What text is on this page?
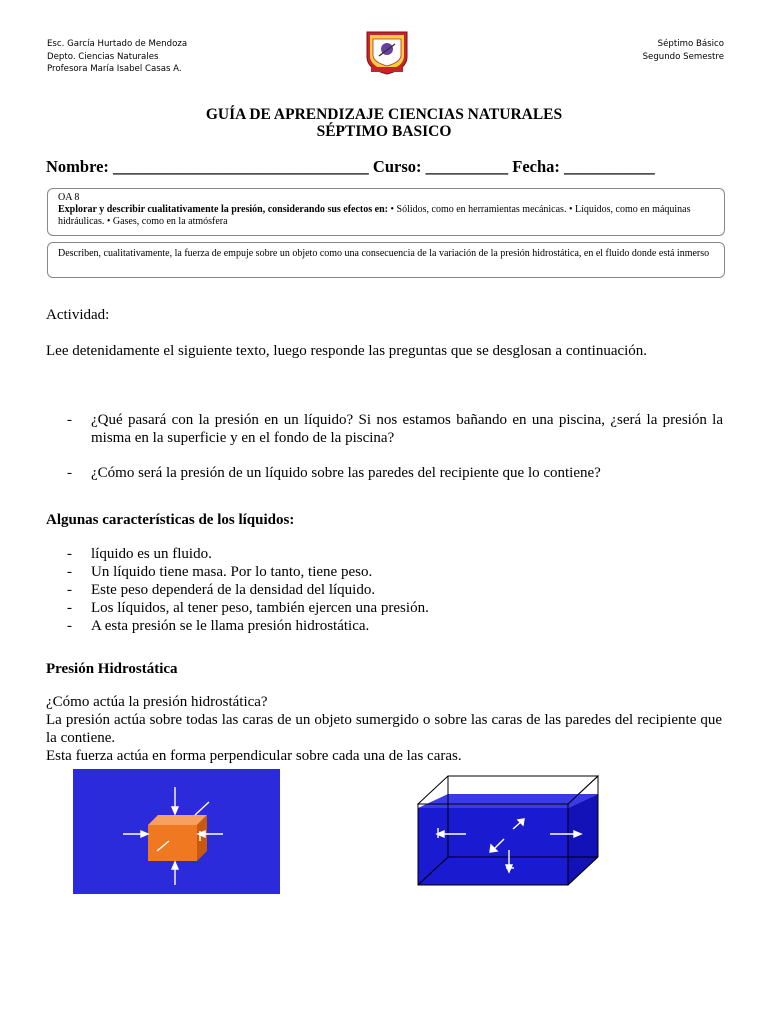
Esc. García Hurtado de Mendoza
Depto. Ciencias Naturales
Profesora María Isabel Casas A.
Séptimo Básico
Segundo Semestre
GUÍA DE APRENDIZAJE CIENCIAS NATURALES
SÉPTIMO BASICO
Nombre: _______________________________ Curso: __________ Fecha: ___________
OA 8
Explorar y describir cualitativamente la presión, considerando sus efectos en: • Sólidos, como en herramientas mecánicas. • Líquidos, como en máquinas hidráulicas. • Gases, como en la atmósfera
Describen, cualitativamente, la fuerza de empuje sobre un objeto como una consecuencia de la variación de la presión hidrostática, en el fluido donde está inmerso
Actividad:
Lee detenidamente el siguiente texto, luego responde las preguntas que se desglosan a continuación.
- ¿Qué pasará con la presión en un líquido? Si nos estamos bañando en una piscina, ¿será la presión la misma en la superficie y en el fondo de la piscina?
- ¿Cómo será la presión de un líquido sobre las paredes del recipiente que lo contiene?
Algunas características de los líquidos:
- líquido es un fluido.
- Un líquido tiene masa. Por lo tanto, tiene peso.
- Este peso dependerá de la densidad del líquido.
- Los líquidos, al tener peso, también ejercen una presión.
- A esta presión se le llama presión hidrostática.
Presión Hidrostática
¿Cómo actúa la presión hidrostática?
La presión actúa sobre todas las caras de un objeto sumergido o sobre las caras de las paredes del recipiente que la contiene.
Esta fuerza actúa en forma perpendicular sobre cada una de las caras.
